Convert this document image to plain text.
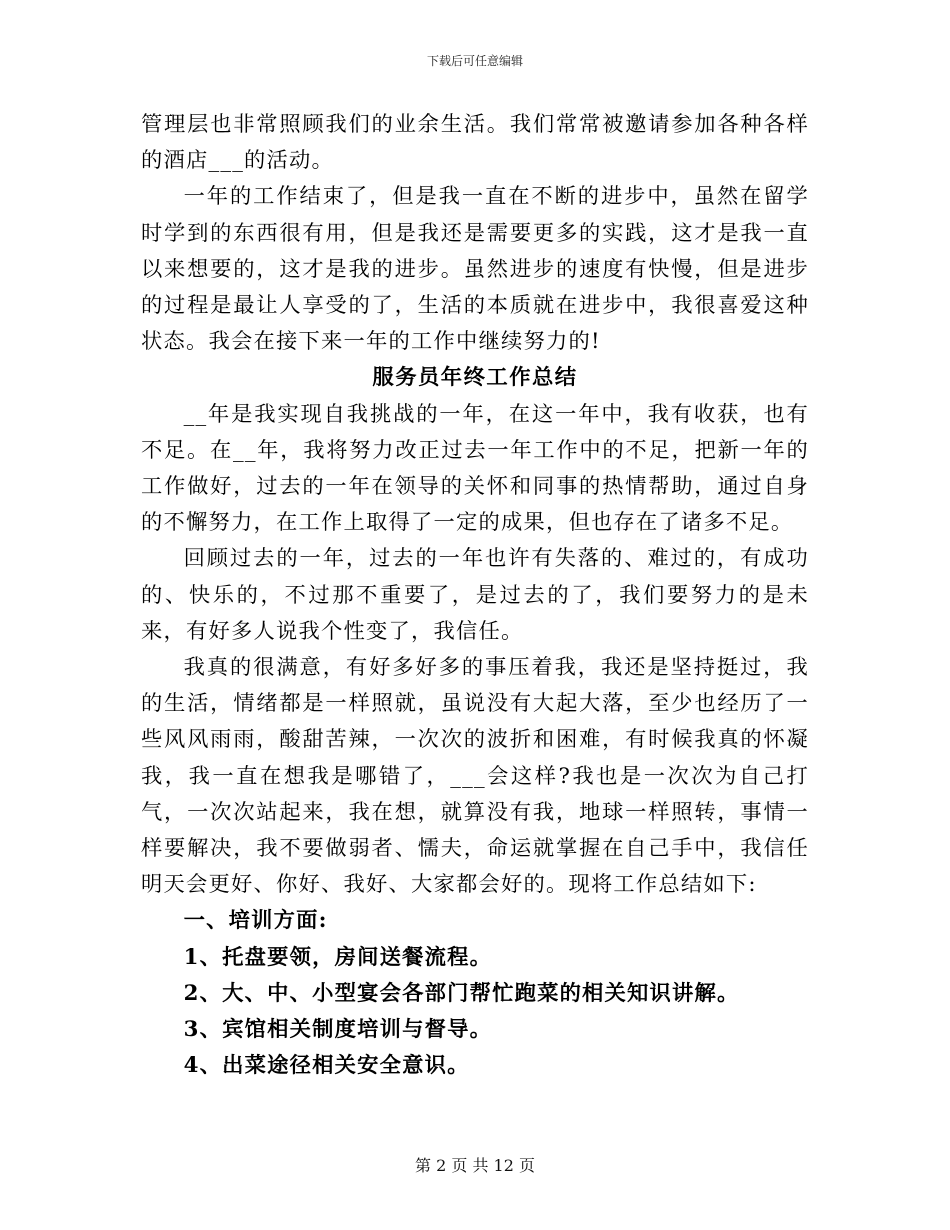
下载后可任意编辑

管理层也非常照顾我们的业余生活。我们常常被邀请参加各种各样的酒店___的活动。

一年的工作结束了，但是我一直在不断的进步中，虽然在留学时学到的东西很有用，但是我还是需要更多的实践，这才是我一直以来想要的，这才是我的进步。虽然进步的速度有快慢，但是进步的过程是最让人享受的了，生活的本质就在进步中，我很喜爱这种状态。我会在接下来一年的工作中继续努力的!

服务员年终工作总结

__年是我实现自我挑战的一年，在这一年中，我有收获，也有不足。在__年，我将努力改正过去一年工作中的不足，把新一年的工作做好，过去的一年在领导的关怀和同事的热情帮助，通过自身的不懈努力，在工作上取得了一定的成果，但也存在了诸多不足。

回顾过去的一年，过去的一年也许有失落的、难过的，有成功的、快乐的，不过那不重要了，是过去的了，我们要努力的是未来，有好多人说我个性变了，我信任。

我真的很满意，有好多好多的事压着我，我还是坚持挺过，我的生活，情绪都是一样照就，虽说没有大起大落，至少也经历了一些风风雨雨，酸甜苦辣，一次次的波折和困难，有时候我真的怀凝我，我一直在想我是哪错了，___会这样?我也是一次次为自己打气，一次次站起来，我在想，就算没有我，地球一样照转，事情一样要解决，我不要做弱者、懦夫，命运就掌握在自己手中，我信任明天会更好、你好、我好、大家都会好的。现将工作总结如下:

一、培训方面:

1、托盘要领，房间送餐流程。

2、大、中、小型宴会各部门帮忙跑菜的相关知识讲解。

3、宾馆相关制度培训与督导。

4、出菜途径相关安全意识。

第 2 页 共 12 页
